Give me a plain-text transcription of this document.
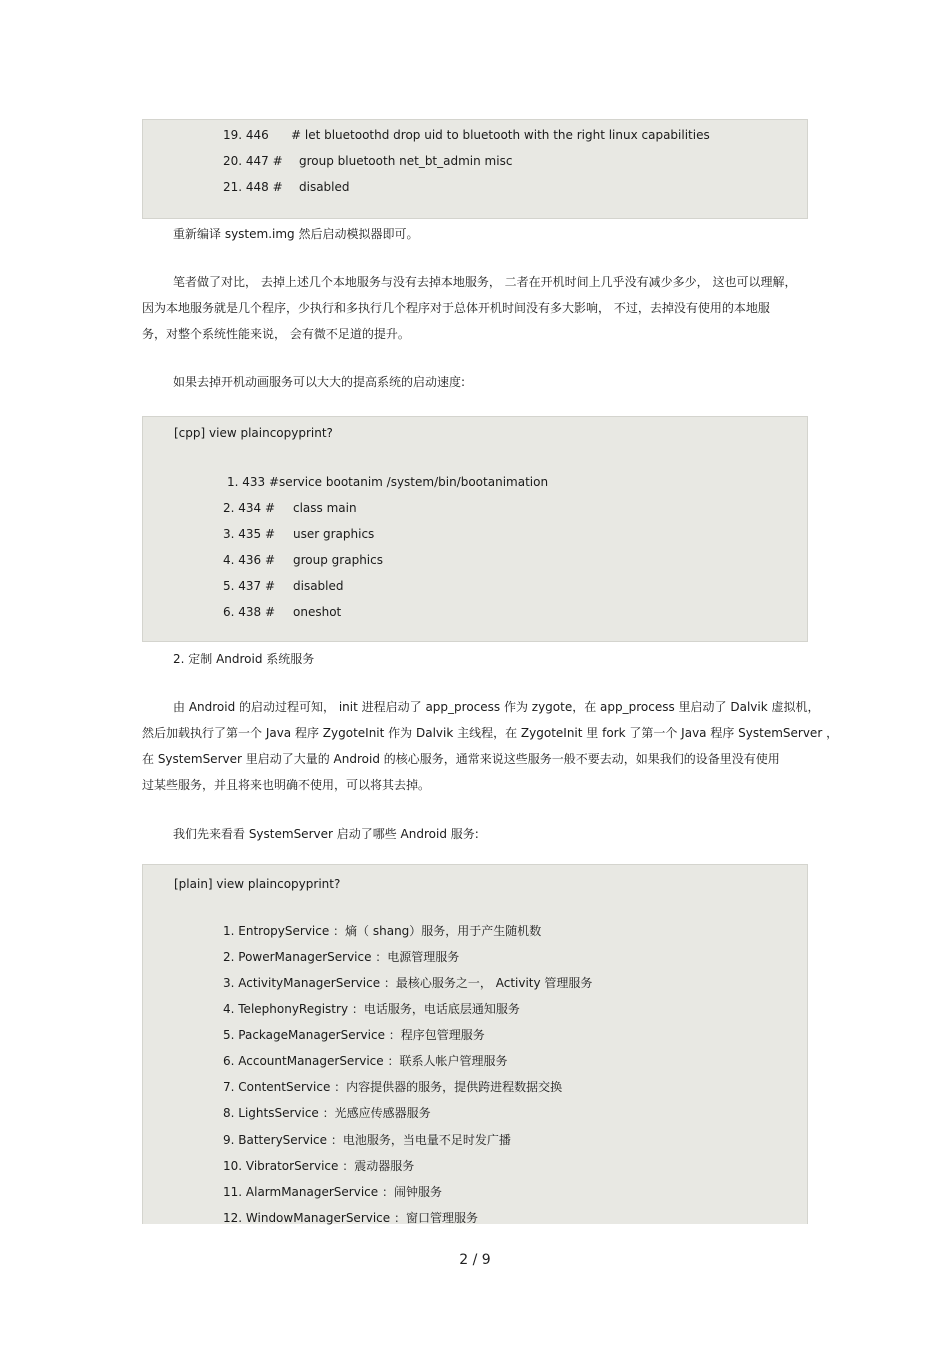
19. 446 # let bluetoothd drop uid to bluetooth with the right linux capabilities
20. 447 # group bluetooth net_bt_admin misc
21. 448 # disabled

重新编译 system.img 然后启动模拟器即可。

笔者做了对比， 去掉上述几个本地服务与没有去掉本地服务， 二者在开机时间上几乎没有减少多少， 这也可以理解，

因为本地服务就是几个程序，少执行和多执行几个程序对于总体开机时间没有多大影响， 不过，去掉没有使用的本地服

务，对整个系统性能来说， 会有微不足道的提升。

如果去掉开机动画服务可以大大的提高系统的启动速度:

[cpp] view plaincopyprint?
1. 433 #service bootanim /system/bin/bootanimation
2. 434 # class main
3. 435 # user graphics
4. 436 # group graphics
5. 437 # disabled
6. 438 # oneshot

2. 定制 Android 系统服务

由 Android 的启动过程可知， init 进程启动了 app_process 作为 zygote，在 app_process 里启动了 Dalvik 虚拟机，

然后加载执行了第一个 Java 程序 ZygoteInit 作为 Dalvik 主线程，在 ZygoteInit 里 fork 了第一个 Java 程序 SystemServer ，

在 SystemServer 里启动了大量的 Android 的核心服务，通常来说这些服务一般不要去动，如果我们的设备里没有使用

过某些服务，并且将来也明确不使用，可以将其去掉。

我们先来看看 SystemServer 启动了哪些 Android 服务:

[plain] view plaincopyprint?
1. EntropyService ：熵（ shang）服务，用于产生随机数
2. PowerManagerService ：电源管理服务
3. ActivityManagerService ：最核心服务之一， Activity 管理服务
4. TelephonyRegistry ：电话服务，电话底层通知服务
5. PackageManagerService ：程序包管理服务
6. AccountManagerService ：联系人帐户管理服务
7. ContentService ：内容提供器的服务，提供跨进程数据交换
8. LightsService ：光感应传感器服务
9. BatteryService ：电池服务，当电量不足时发广播
10. VibratorService ：震动器服务
11. AlarmManagerService ：闹钟服务
12. WindowManagerService ：窗口管理服务
2 / 9
